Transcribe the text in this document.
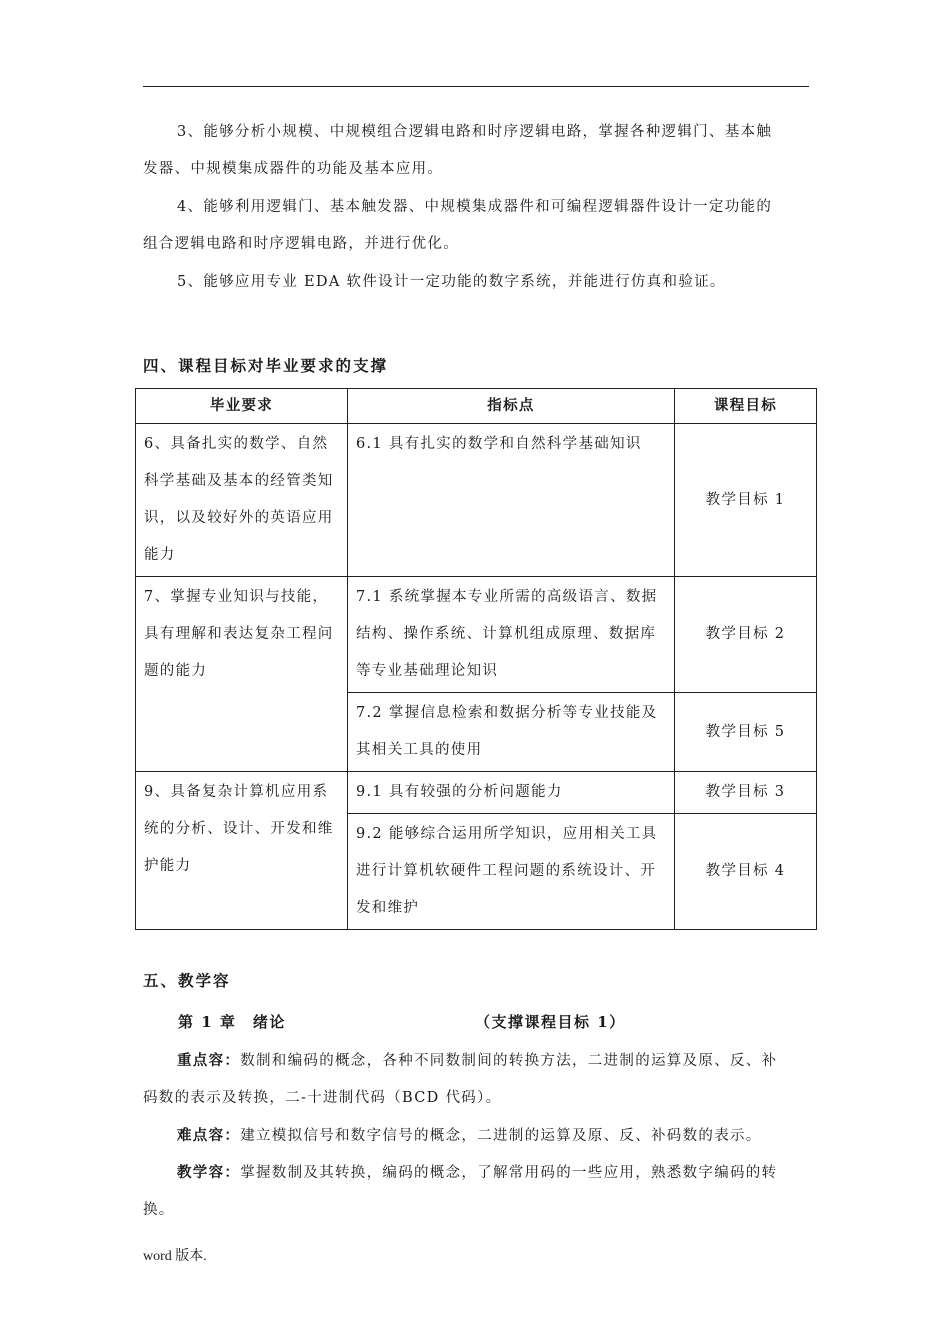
3、能够分析小规模、中规模组合逻辑电路和时序逻辑电路，掌握各种逻辑门、基本触
发器、中规模集成器件的功能及基本应用。
4、能够利用逻辑门、基本触发器、中规模集成器件和可编程逻辑器件设计一定功能的
组合逻辑电路和时序逻辑电路，并进行优化。
5、能够应用专业 EDA 软件设计一定功能的数字系统，并能进行仿真和验证。
四、课程目标对毕业要求的支撑
毕业要求	指标点	课程目标
6、具备扎实的数学、自然科学基础及基本的经管类知识，以及较好外的英语应用能力	6.1 具有扎实的数学和自然科学基础知识	教学目标 1
7、掌握专业知识与技能，具有理解和表达复杂工程问题的能力	7.1 系统掌握本专业所需的高级语言、数据结构、操作系统、计算机组成原理、数据库等专业基础理论知识	教学目标 2
	7.2 掌握信息检索和数据分析等专业技能及其相关工具的使用	教学目标 5
9、具备复杂计算机应用系统的分析、设计、开发和维护能力	9.1 具有较强的分析问题能力	教学目标 3
	9.2 能够综合运用所学知识，应用相关工具进行计算机软硬件工程问题的系统设计、开发和维护	教学目标 4
五、教学容
第 1 章　绪论	（支撑课程目标 1）
重点容：数制和编码的概念，各种不同数制间的转换方法，二进制的运算及原、反、补
码数的表示及转换，二-十进制代码（BCD 代码）。
难点容：建立模拟信号和数字信号的概念，二进制的运算及原、反、补码数的表示。
教学容：掌握数制及其转换，编码的概念，了解常用码的一些应用，熟悉数字编码的转
换。
word 版本.
